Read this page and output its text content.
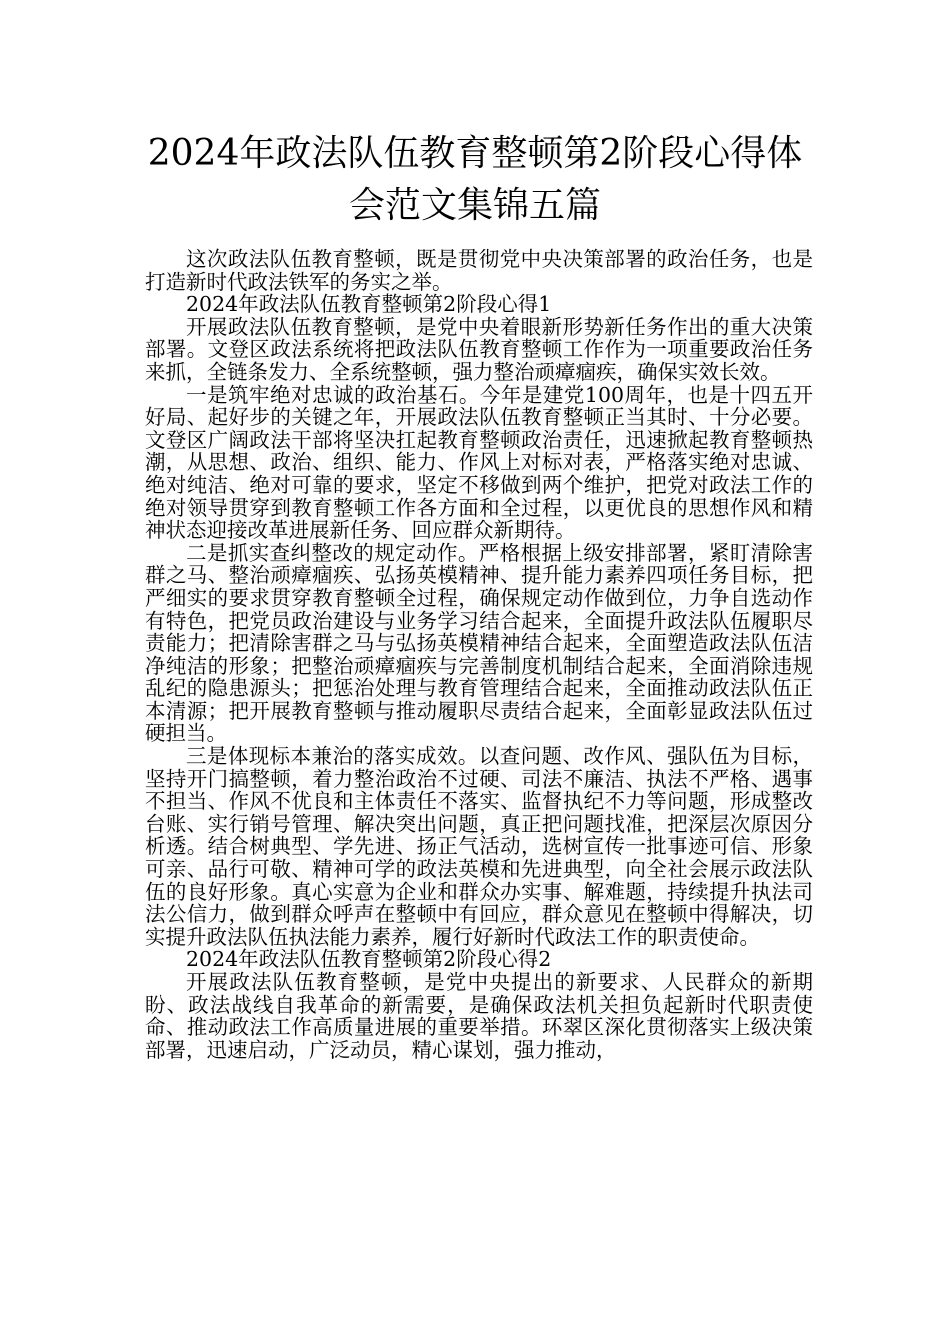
2024年政法队伍教育整顿第2阶段心得体
会范文集锦五篇

这次政法队伍教育整顿，既是贯彻党中央决策部署的政治任务，也是打造新时代政法铁军的务实之举。

2024年政法队伍教育整顿第2阶段心得1

开展政法队伍教育整顿，是党中央着眼新形势新任务作出的重大决策部署。文登区政法系统将把政法队伍教育整顿工作作为一项重要政治任务来抓，全链条发力、全系统整顿，强力整治顽瘴痼疾，确保实效长效。

一是筑牢绝对忠诚的政治基石。今年是建党100周年，也是十四五开好局、起好步的关键之年，开展政法队伍教育整顿正当其时、十分必要。文登区广阔政法干部将坚决扛起教育整顿政治责任，迅速掀起教育整顿热潮，从思想、政治、组织、能力、作风上对标对表，严格落实绝对忠诚、绝对纯洁、绝对可靠的要求，坚定不移做到两个维护，把党对政法工作的绝对领导贯穿到教育整顿工作各方面和全过程，以更优良的思想作风和精神状态迎接改革进展新任务、回应群众新期待。

二是抓实查纠整改的规定动作。严格根据上级安排部署，紧盯清除害群之马、整治顽瘴痼疾、弘扬英模精神、提升能力素养四项任务目标，把严细实的要求贯穿教育整顿全过程，确保规定动作做到位，力争自选动作有特色，把党员政治建设与业务学习结合起来，全面提升政法队伍履职尽责能力；把清除害群之马与弘扬英模精神结合起来，全面塑造政法队伍洁净纯洁的形象；把整治顽瘴痼疾与完善制度机制结合起来，全面消除违规乱纪的隐患源头；把惩治处理与教育管理结合起来，全面推动政法队伍正本清源；把开展教育整顿与推动履职尽责结合起来，全面彰显政法队伍过硬担当。

三是体现标本兼治的落实成效。以查问题、改作风、强队伍为目标，坚持开门搞整顿，着力整治政治不过硬、司法不廉洁、执法不严格、遇事不担当、作风不优良和主体责任不落实、监督执纪不力等问题，形成整改台账、实行销号管理、解决突出问题，真正把问题找准，把深层次原因分析透。结合树典型、学先进、扬正气活动，选树宣传一批事迹可信、形象可亲、品行可敬、精神可学的政法英模和先进典型，向全社会展示政法队伍的良好形象。真心实意为企业和群众办实事、解难题，持续提升执法司法公信力，做到群众呼声在整顿中有回应，群众意见在整顿中得解决，切实提升政法队伍执法能力素养，履行好新时代政法工作的职责使命。

2024年政法队伍教育整顿第2阶段心得2

开展政法队伍教育整顿，是党中央提出的新要求、人民群众的新期盼、政法战线自我革命的新需要，是确保政法机关担负起新时代职责使命、推动政法工作高质量进展的重要举措。环翠区深化贯彻落实上级决策部署，迅速启动，广泛动员，精心谋划，强力推动，
